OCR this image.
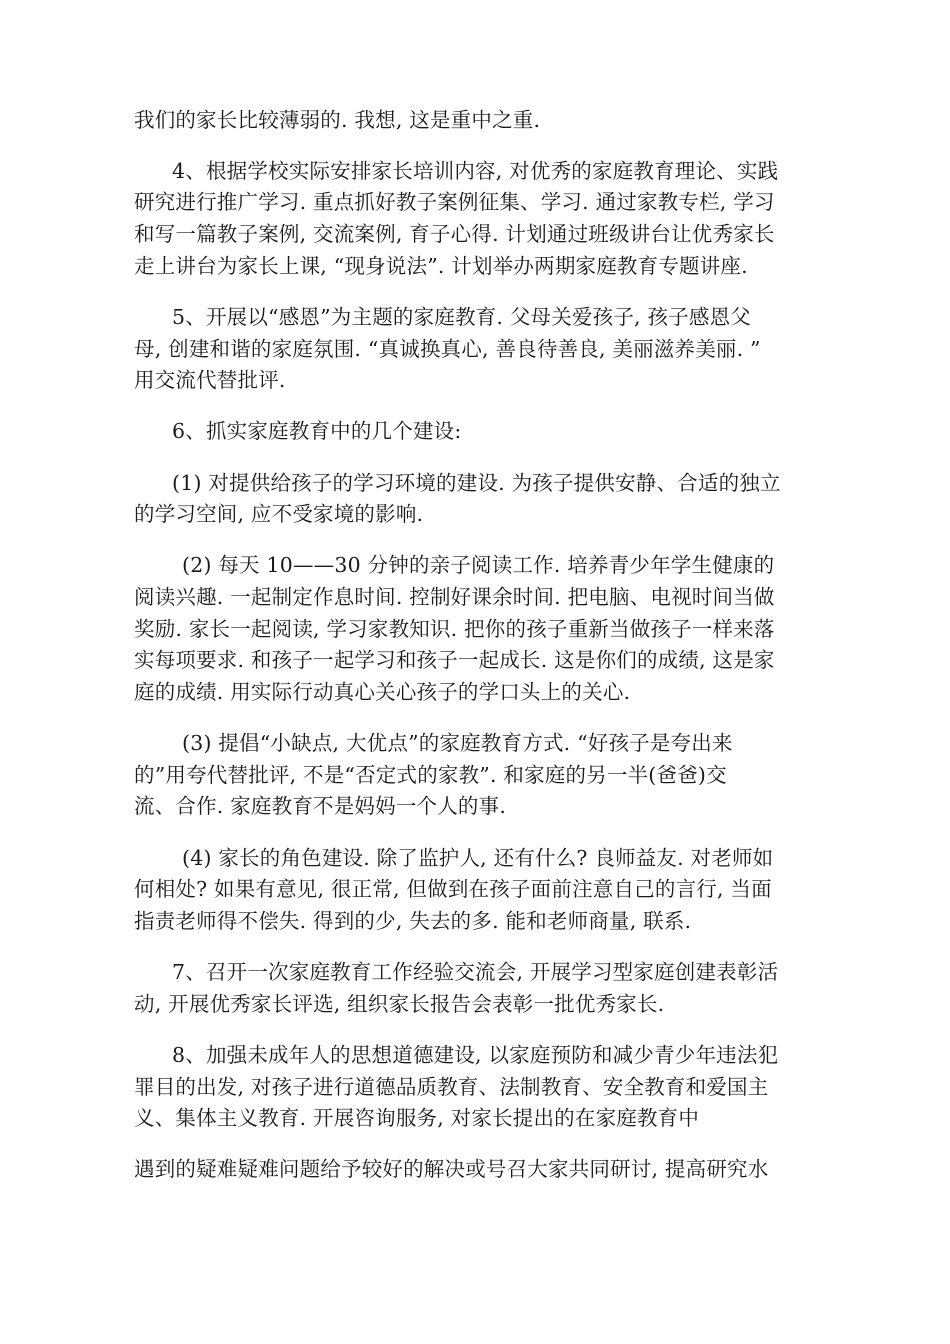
我们的家长比较薄弱的. 我想, 这是重中之重.
4、根据学校实际安排家长培训内容, 对优秀的家庭教育理论、实践
研究进行推广学习. 重点抓好教子案例征集、学习. 通过家教专栏, 学习
和写一篇教子案例, 交流案例, 育子心得. 计划通过班级讲台让优秀家长
走上讲台为家长上课, “现身说法”. 计划举办两期家庭教育专题讲座.
5、开展以“感恩”为主题的家庭教育. 父母关爱孩子, 孩子感恩父
母, 创建和谐的家庭氛围. “真诚换真心, 善良待善良, 美丽滋养美丽. ”
用交流代替批评.
6、抓实家庭教育中的几个建设:
(1) 对提供给孩子的学习环境的建设. 为孩子提供安静、合适的独立
的学习空间, 应不受家境的影响.
(2) 每天 10——30 分钟的亲子阅读工作. 培养青少年学生健康的
阅读兴趣. 一起制定作息时间. 控制好课余时间. 把电脑、电视时间当做
奖励. 家长一起阅读, 学习家教知识. 把你的孩子重新当做孩子一样来落
实每项要求. 和孩子一起学习和孩子一起成长. 这是你们的成绩, 这是家
庭的成绩. 用实际行动真心关心孩子的学口头上的关心.
(3) 提倡“小缺点, 大优点”的家庭教育方式. “好孩子是夸出来
的”用夸代替批评, 不是“否定式的家教”. 和家庭的另一半(爸爸)交
流、合作. 家庭教育不是妈妈一个人的事.
(4) 家长的角色建设. 除了监护人, 还有什么? 良师益友. 对老师如
何相处? 如果有意见, 很正常, 但做到在孩子面前注意自己的言行, 当面
指责老师得不偿失. 得到的少, 失去的多. 能和老师商量, 联系.
7、召开一次家庭教育工作经验交流会, 开展学习型家庭创建表彰活
动, 开展优秀家长评选, 组织家长报告会表彰一批优秀家长.
8、加强未成年人的思想道德建设, 以家庭预防和减少青少年违法犯
罪目的出发, 对孩子进行道德品质教育、法制教育、安全教育和爱国主
义、集体主义教育. 开展咨询服务, 对家长提出的在家庭教育中
遇到的疑难疑难问题给予较好的解决或号召大家共同研讨, 提高研究水
